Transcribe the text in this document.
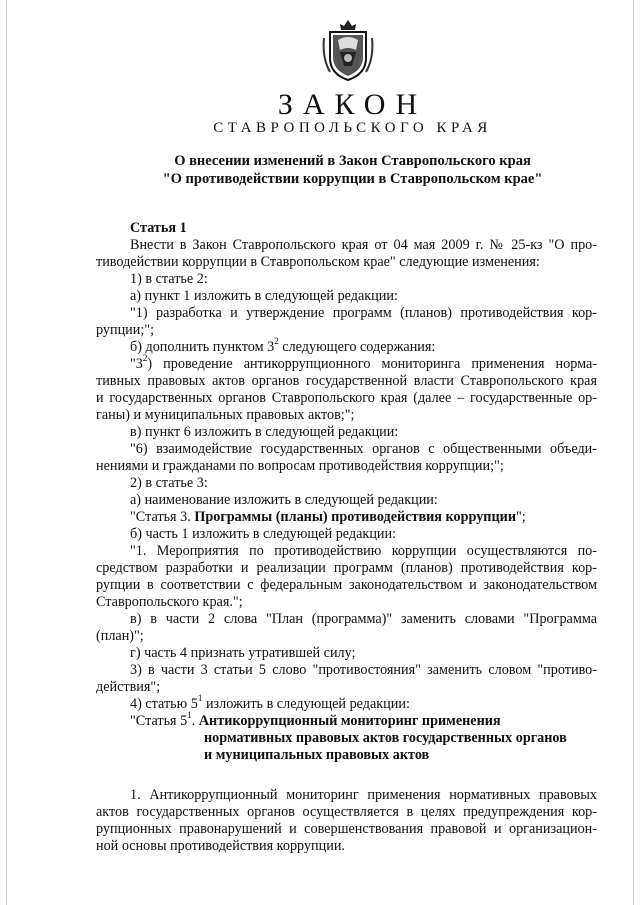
ЗАКОН
СТАВРОПОЛЬСКОГО КРАЯ
О внесении изменений в Закон Ставропольского края
"О противодействии коррупции в Ставропольском крае"
Статья 1
Внести в Закон Ставропольского края от 04 мая 2009 г. № 25-кз "О про-
тиводействии коррупции в Ставропольском крае" следующие изменения:
1) в статье 2:
а) пункт 1 изложить в следующей редакции:
"1) разработка и утверждение программ (планов) противодействия кор-
рупции;";
б) дополнить пунктом $3^2$ следующего содержания:
"$3^2$) проведение антикоррупционного мониторинга применения норма-
тивных правовых актов органов государственной власти Ставропольского края
и государственных органов Ставропольского края (далее – государственные ор-
ганы) и муниципальных правовых актов;";
в) пункт 6 изложить в следующей редакции:
"6) взаимодействие государственных органов с общественными объеди-
нениями и гражданами по вопросам противодействия коррупции;";
2) в статье 3:
а) наименование изложить в следующей редакции:
"Статья 3. Программы (планы) противодействия коррупции";
б) часть 1 изложить в следующей редакции:
"1. Мероприятия по противодействию коррупции осуществляются по-
средством разработки и реализации программ (планов) противодействия кор-
рупции в соответствии с федеральным законодательством и законодательством
Ставропольского края.";
в) в части 2 слова "План (программа)" заменить словами "Программа
(план)";
г) часть 4 признать утратившей силу;
3) в части 3 статьи 5 слово "противостояния" заменить словом "противо-
действия";
4) статью $5^1$ изложить в следующей редакции:
"Статья $5^1$. Антикоррупционный мониторинг применения
нормативных правовых актов государственных органов
и муниципальных правовых актов
1. Антикоррупционный мониторинг применения нормативных правовых
актов государственных органов осуществляется в целях предупреждения кор-
рупционных правонарушений и совершенствования правовой и организацион-
ной основы противодействия коррупции.
